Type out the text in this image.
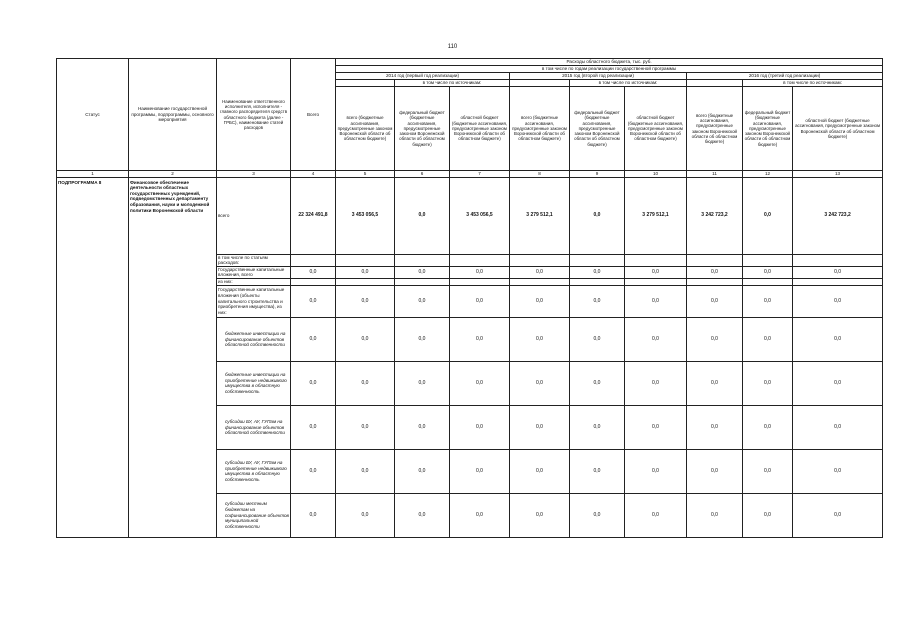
110
Статус	Наименование государственной программы, подпрограммы, основного мероприятия	Наименование ответственного исполнителя, исполнителя - главного распорядителя средств областного бюджета (далее - ГРБС), наименование статей расходов	Всего	Расходы областного бюджета, тыс. руб.								
				в том числе по годам реализации государственной программы								
				2014 год (первый год реализации)			2015 год (второй год реализации)			2016 год (третий год реализации)		
					в том числе по источникам:			в том числе по источникам:			в том числе по источникам:	
				всего (бюджетные ассигнования, предусмотренные законом Воронежской области об областном бюджете)	федеральный бюджет (бюджетные ассигнования, предусмотренные законом Воронежской области об областном бюджете)	областной бюджет (бюджетные ассигнования, предусмотренные законом Воронежской области об областном бюджете)	всего (бюджетные ассигнования, предусмотренные законом Воронежской области об областном бюджете)	федеральный бюджет (бюджетные ассигнования, предусмотренные законом Воронежской области об областном бюджете)	областной бюджет (бюджетные ассигнования, предусмотренные законом Воронежской области об областном бюджете)	всего (бюджетные ассигнования, предусмотренные законом Воронежской области об областном бюджете)	федеральный бюджет (бюджетные ассигнования, предусмотренные законом Воронежской области об областном бюджете)	областной бюджет (бюджетные ассигнования, предусмотренные законом Воронежской области об областном бюджете)
1	2	3	4	5	6	7	8	9	10	11	12	13
ПОДПРОГРАММА 8	Финансовое обеспечение деятельности областных государственных учреждений, подведомственных департаменту образования, науки и молодежной политики Воронежской области	всего	22 324 491,8	3 453 056,5	0,0	3 453 056,5	3 279 512,1	0,0	3 279 512,1	3 242 723,2	0,0	3 242 723,2
		в том числе по статьям расходов:										
		Государственные капитальные вложения, всего	0,0	0,0	0,0	0,0	0,0	0,0	0,0	0,0	0,0	0,0
		из них:										
		Государственные капитальные вложения (объекты капитального строительства и приобретения имущества), из них:	0,0	0,0	0,0	0,0	0,0	0,0	0,0	0,0	0,0	0,0
		бюджетные инвестиции на финансирование объектов областной собственности	0,0	0,0	0,0	0,0	0,0	0,0	0,0	0,0	0,0	0,0
		бюджетные инвестиции на приобретение недвижимого имущества в областную собственность	0,0	0,0	0,0	0,0	0,0	0,0	0,0	0,0	0,0	0,0
		субсидии БУ, АУ, ГУПам на финансирование объектов областной собственности	0,0	0,0	0,0	0,0	0,0	0,0	0,0	0,0	0,0	0,0
		субсидии БУ, АУ, ГУПам на приобретение недвижимого имущества в областную собственность	0,0	0,0	0,0	0,0	0,0	0,0	0,0	0,0	0,0	0,0
		субсидии местным бюджетам на софинансирование объектов муниципальной собственности	0,0	0,0	0,0	0,0	0,0	0,0	0,0	0,0	0,0	0,0
